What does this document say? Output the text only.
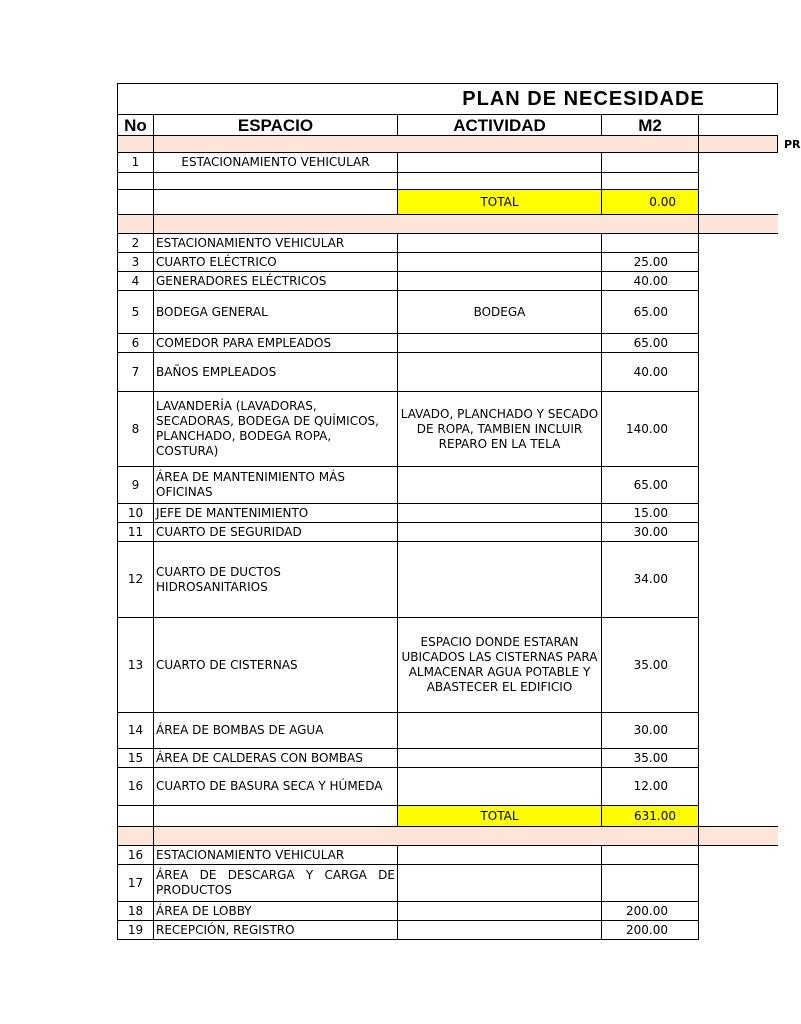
PLAN DE NECESIDADE				
No	ESPACIO	ACTIVIDAD	M2	
				PR
1	ESTACIONAMIENTO VEHICULAR			

		TOTAL	0.00	

2	ESTACIONAMIENTO VEHICULAR			
3	CUARTO ELÉCTRICO		25.00	
4	GENERADORES ELÉCTRICOS		40.00	
5	BODEGA GENERAL	BODEGA	65.00	
6	COMEDOR PARA EMPLEADOS		65.00	
7	BAÑOS EMPLEADOS		40.00	
8	LAVANDERÍA (LAVADORAS, SECADORAS, BODEGA DE QUÍMICOS, PLANCHADO, BODEGA ROPA, COSTURA)	LAVADO, PLANCHADO Y SECADO DE ROPA, TAMBIEN INCLUIR REPARO EN LA TELA	140.00	
9	ÁREA DE MANTENIMIENTO MÁS OFICINAS		65.00	
10	JEFE DE MANTENIMIENTO		15.00	
11	CUARTO DE SEGURIDAD		30.00	
12	CUARTO DE DUCTOS HIDROSANITARIOS		34.00	
13	CUARTO DE CISTERNAS	ESPACIO DONDE ESTARAN UBICADOS LAS CISTERNAS PARA ALMACENAR AGUA POTABLE Y ABASTECER EL EDIFICIO	35.00	
14	ÁREA DE BOMBAS DE AGUA		30.00	
15	ÁREA DE CALDERAS CON BOMBAS		35.00	
16	CUARTO DE BASURA SECA Y HÚMEDA		12.00	
		TOTAL	631.00	

16	ESTACIONAMIENTO VEHICULAR			
17	ÁREA DE DESCARGA Y CARGA DE PRODUCTOS			
18	ÁREA DE LOBBY		200.00	
19	RECEPCIÓN, REGISTRO		200.00	
